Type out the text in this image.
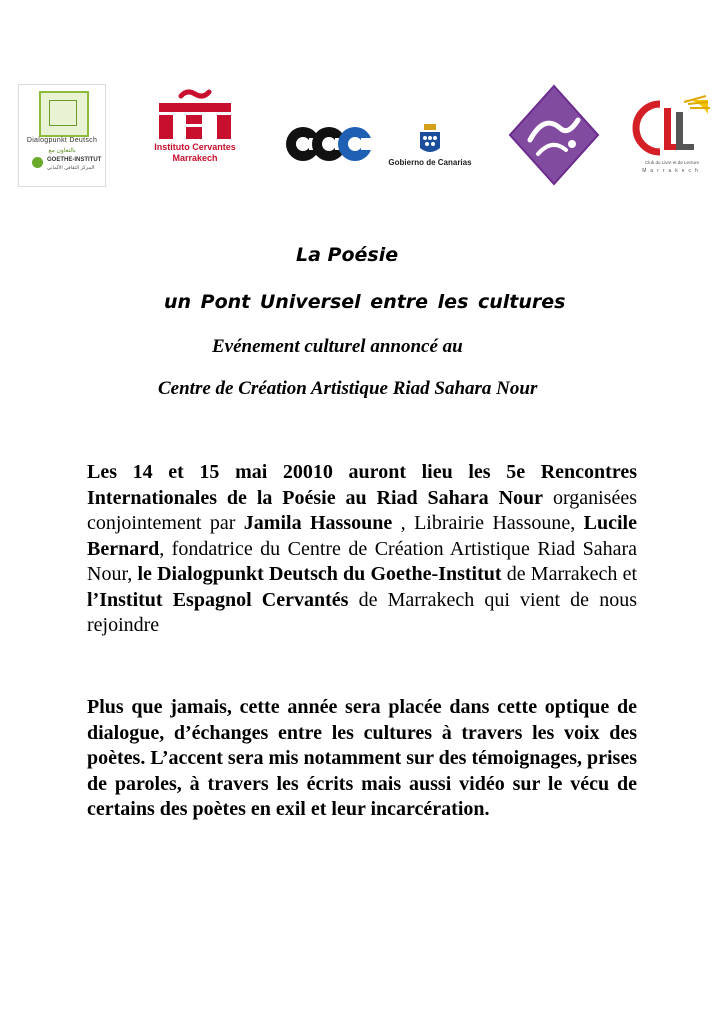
Dialogpunkt Deutsch
بالتعاون مع
GOETHE-INSTITUT
المركز الثقافي الألماني
Instituto Cervantes
Marrakech	Gobierno de Canarias	Club du Livre et de Lecture
Marrakech
La Poésie
un Pont Universel entre les cultures
Evénement culturel annoncé au
Centre de Création Artistique Riad Sahara Nour
Les 14 et 15 mai 20010 auront lieu les 5e Rencontres Internationales de la Poésie au Riad Sahara Nour organisées conjointement par Jamila Hassoune , Librairie Hassoune, Lucile Bernard, fondatrice du Centre de Création Artistique Riad Sahara Nour, le Dialogpunkt Deutsch du Goethe-Institut de Marrakech et l’Institut Espagnol Cervantés de Marrakech qui vient de nous rejoindre
Plus que jamais, cette année sera placée dans cette optique de dialogue, d’échanges entre les cultures à travers les voix des poètes. L’accent sera mis notamment sur des témoignages, prises de paroles, à travers les écrits mais aussi vidéo sur le vécu de certains des poètes en exil et leur incarcération.
